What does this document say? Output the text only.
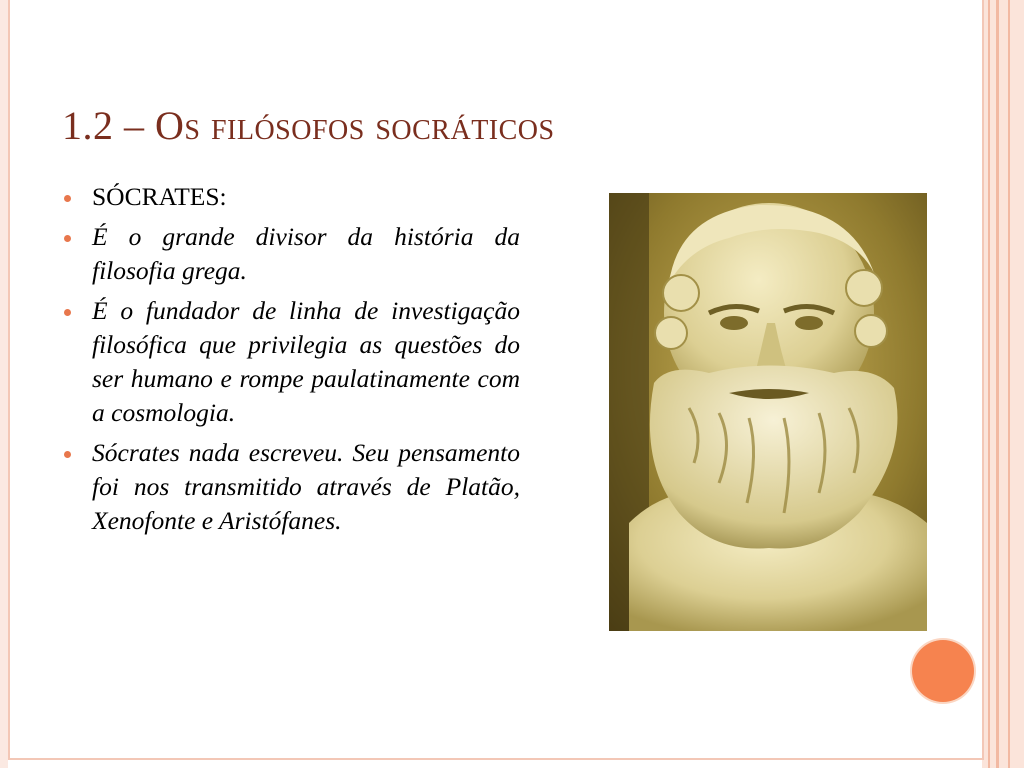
1.2 – Os filósofos socráticos
SÓCRATES:
É o grande divisor da história da filosofia grega.
É o fundador de linha de investigação filosófica que privilegia as questões do ser humano e rompe paulatinamente com a cosmologia.
Sócrates nada escreveu. Seu pensamento foi nos transmitido através de Platão, Xenofonte e Aristófanes.
